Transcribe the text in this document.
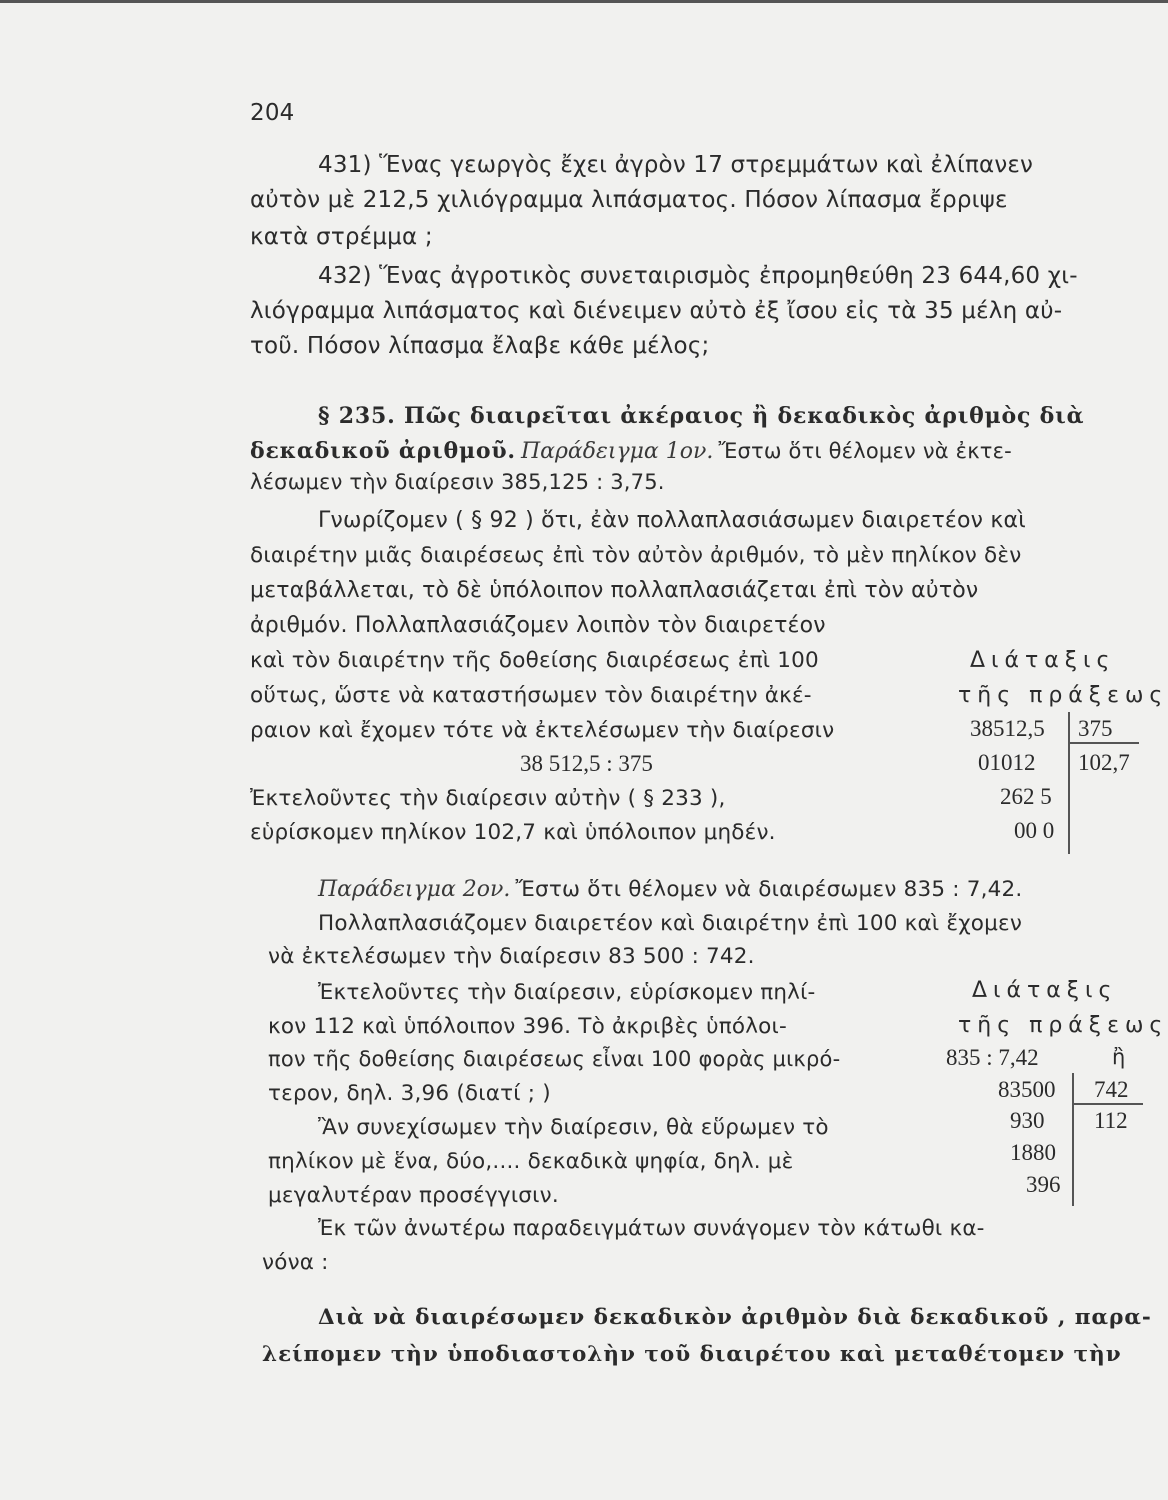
204
431) Ἕνας γεωργὸς ἔχει ἀγρὸν 17 στρεμμάτων καὶ ἐλίπανεν
αὐτὸν μὲ 212,5 χιλιόγραμμα λιπάσματος. Πόσον λίπασμα ἔρριψε
κατὰ στρέμμα ;
432) Ἕνας ἀγροτικὸς συνεταιρισμὸς ἐπρομηθεύθη 23 644,60 χι-
λιόγραμμα λιπάσματος καὶ διένειμεν αὐτὸ ἐξ ἴσου εἰς τὰ 35 μέλη αὐ-
τοῦ. Πόσον λίπασμα ἔλαβε κάθε μέλος;
§ 235. Πῶς διαιρεῖται ἀκέραιος ἢ δεκαδικὸς ἀριθμὸς διὰ
δεκαδικοῦ ἀριθμοῦ. Παράδειγμα 1ον. Ἔστω ὅτι θέλομεν νὰ ἐκτε-
λέσωμεν τὴν διαίρεσιν 385,125 : 3,75.
Γνωρίζομεν ( § 92 ) ὅτι, ἐὰν πολλαπλασιάσωμεν διαιρετέον καὶ
διαιρέτην μιᾶς διαιρέσεως ἐπὶ τὸν αὐτὸν ἀριθμόν, τὸ μὲν πηλίκον δὲν
μεταβάλλεται, τὸ δὲ ὑπόλοιπον πολλαπλασιάζεται ἐπὶ τὸν αὐτὸν
ἀριθμόν. Πολλαπλασιάζομεν λοιπὸν τὸν διαιρετέον
καὶ τὸν διαιρέτην τῆς δοθείσης διαιρέσεως ἐπὶ 100
οὕτως, ὥστε νὰ καταστήσωμεν τὸν διαιρέτην ἀκέ-
ραιον καὶ ἔχομεν τότε νὰ ἐκτελέσωμεν τὴν διαίρεσιν
38 512,5 : 375
Ἐκτελοῦντες τὴν διαίρεσιν αὐτὴν ( § 233 ),
εὑρίσκομεν πηλίκον 102,7 καὶ ὑπόλοιπον μηδέν.
Διάταξις
τῆς πράξεως
38512,5 375
01012 102,7
262 5
00 0
Παράδειγμα 2ον. Ἔστω ὅτι θέλομεν νὰ διαιρέσωμεν 835 : 7,42.
Πολλαπλασιάζομεν διαιρετέον καὶ διαιρέτην ἐπὶ 100 καὶ ἔχομεν
νὰ ἐκτελέσωμεν τὴν διαίρεσιν 83 500 : 742.
Ἐκτελοῦντες τὴν διαίρεσιν, εὑρίσκομεν πηλί-
κον 112 καὶ ὑπόλοιπον 396. Τὸ ἀκριβὲς ὑπόλοι-
πον τῆς δοθείσης διαιρέσεως εἶναι 100 φορὰς μικρό-
τερον, δηλ. 3,96 (διατί ; )
Ἂν συνεχίσωμεν τὴν διαίρεσιν, θὰ εὕρωμεν τὸ
πηλίκον μὲ ἕνα, δύο,.... δεκαδικὰ ψηφία, δηλ. μὲ
μεγαλυτέραν προσέγγισιν.
Διάταξις
τῆς πράξεως
835 : 7,42	ἢ
83500 742
930 112
1880
396
Ἐκ τῶν ἀνωτέρω παραδειγμάτων συνάγομεν τὸν κάτωθι κα-
νόνα :
Διὰ νὰ διαιρέσωμεν δεκαδικὸν ἀριθμὸν διὰ δεκαδικοῦ , παρα-
λείπομεν τὴν ὑποδιαστολὴν τοῦ διαιρέτου καὶ μεταθέτομεν τὴν
